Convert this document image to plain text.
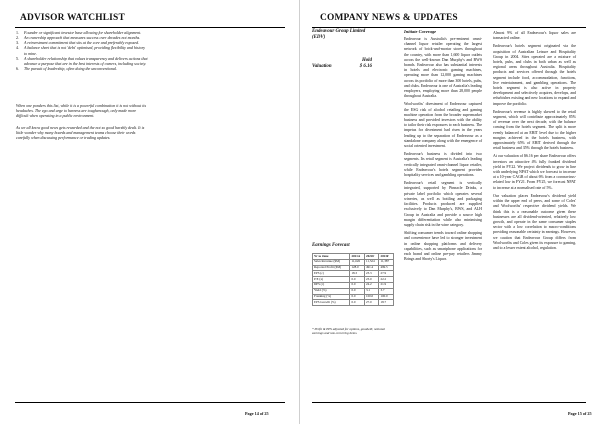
ADVISOR WATCHLIST
1.	Founder or significant investor base allowing for shareholder alignment.
2.	An ownership approach that measures success over decades not months.
3.	A reinvestment commitment that sits at the core and preferably exposed.
4.	A balance sheet that is not 'debt' optimised, providing flexibility and history to mine.
5.	A shareholder relationship that values transparency and delivers actions that advance a purpose that are in the best interests of owners, including society.
6.	The pursuit of leadership, often doing the unconventional.

When one ponders this list, while it is a powerful combination it is not without its headaches. The ego and urge to harness are toughenough, only made more difficult when operating in a public environment.

As we all know good news gets rewarded and the not so good harshly dealt. It is little wonder why many boards and management teams choose their words carefully when discussing performance or trading updates.

Page 14 of 25
COMPANY NEWS & UPDATES
Endeavour Group Limited (EDV)
Hold
Valuation	$ 6.16
Initiate Coverage

Endeavour is Australia's pre-eminent omni-channel liquor retailer operating the largest network of brick-and-mortar stores throughout the country, with more than 1,600 liquor outlets across the well-known Dan Murphy's and BWS brands. Endeavour also has substantial interests in hotels and electronic gaming machines, operating more than 12,000 gaming machines across its portfolio of more than 300 hotels, pubs, and clubs. Endeavour is one of Australia's leading employers, employing more than 28,000 people throughout Australia.

Woolworths' divestment of Endeavour captured the ESG risk of alcohol retailing and gaming machine operation from the broader supermarket business and provided investors with the ability to tailor their risk exposures to each business. The impetus for divestment had risen in the years leading up to the separation of Endeavour as a standalone company along with the emergence of social oriented investment.

Endeavour's business is divided into two segments. Its retail segment is Australia's leading vertically integrated omni-channel liquor retailer, while Endeavour's hotels segment provides hospitality services and gambling operations.

Endeavour's retail segment is vertically integrated, supported by Pinnacle Drinks, a private label portfolio which operates several wineries, as well as bottling and packaging facilities. Products produced are supplied exclusively to Dan Murphy's, BWS, and ALH Group in Australia and provide a source high margin differentiation while also minimising supply chain risk in the wine category.

Shifting consumer trends toward online shopping and convenience have led to stronger investment in online shopping platforms and delivery capabilities, such as smartphone applications for each brand and online pre-pay retailers Jimmy Brings and Shorty's Liquor.

Almost 9% of all Endeavour's liquor sales are transacted online.

Endeavour's hotels segment originated via the acquisition of Australian Leisure and Hospitality Group in 2004. Sites operated are a mixture of hotels, pubs, and clubs in both urban as well as regional areas throughout Australia. Hospitality products and services offered through the hotels segment include food, accommodation, functions, live entertainment, and gambling operations. The hotels segment is also active in property development and selectively acquires, develops, and refurbishes existing and new locations to expand and improve the portfolio.

Endeavour's revenue is highly skewed to the retail segment, which will contribute approximately 85% of revenue over the next decade, with the balance coming from the hotels segment. The split is more evenly balanced at an EBIT level due to the higher margins achieved in the hotels business, with approximately 65% of EBIT derived through the retail business and 35% through the hotels business.

At our valuation of $6.16 per share Endeavour offers investors an attractive 4% fully franked dividend yield in FY22. We project dividends to grow in line with underlying NPAT which we forecast to increase at a 10-year CAGR of about 6% from a coronavirus-related low in FY21. From FY25, we forecast NPAT to increase at a normalised rate of 5%.

Our valuation places Endeavour's dividend yield within the upper end of peers, and some of Coles' and Woolworths' respective dividend yields. We think this is a reasonable outcome given these businesses are all dividend-oriented, relatively low growth, and operate in the same consumer staples sector with a low correlation to macro-conditions providing reasonable certainty in earnings. However, we caution that Endeavour Group differs from Woolworths and Coles given its exposure to gaming, and to a lesser extent alcohol, regulation.

Earnings Forecast
Yr to June	2021A	2022F	2023F
Sales Revenue ($M)	11,626	11,524	11,387
Reported Profit ($M)	128.0	491.4	499.5
EPS (c)	18.3	23.3	27.9
P/E (x)	0.0	23.0	22.2
DPS (c)	0.0	24.2	21.9
Yield (%)	0.0	3.1	3.7
Franking (%)	0.0	100.0	100.0
EPS Growth (%)	0.0	27.0	18.7
* Profit & EPS adjusted for options, goodwill, notional earnings and non-recurring items.
Page 15 of 25
